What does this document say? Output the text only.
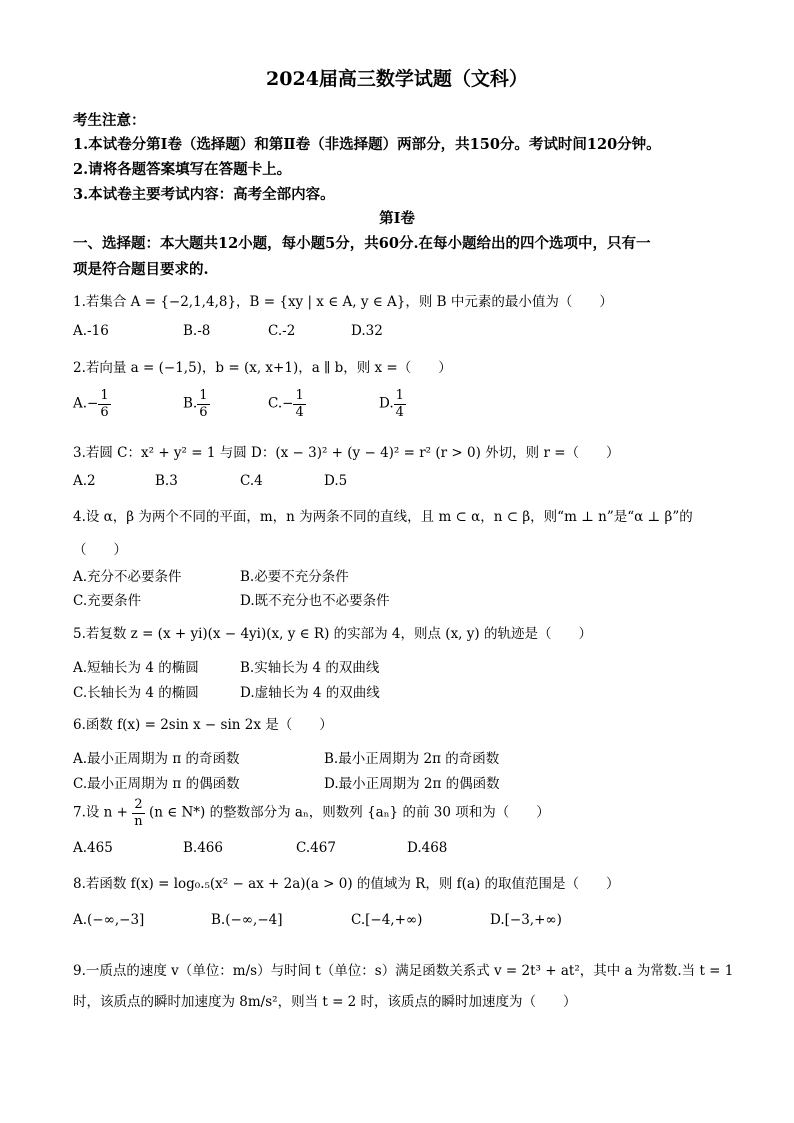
2024届高三数学试题（文科）
考生注意：
1.本试卷分第Ⅰ卷（选择题）和第Ⅱ卷（非选择题）两部分，共150分。考试时间120分钟。
2.请将各题答案填写在答题卡上。
3.本试卷主要考试内容：高考全部内容。
第Ⅰ卷
一、选择题：本大题共12小题，每小题5分，共60分.在每小题给出的四个选项中，只有一
项是符合题目要求的.
1.若集合 A = {−2,1,4,8}，B = {xy | x ∈ A, y ∈ A}，则 B 中元素的最小值为（　　）
A.-16	B.-8	C.-2	D.32
2.若向量 a = (−1,5)，b = (x, x+1)，a ∥ b，则 x =（　　）
$A.- \frac{1}{6}$	B. $\frac{1}{6}$	$C.- \frac{1}{4}$	D. $\frac{1}{4}$
3.若圆 C：x² + y² = 1 与圆 D：(x − 3)² + (y − 4)² = r² (r > 0) 外切，则 r =（　　）
A.2	B.3	C.4	D.5
4.设 α，β 为两个不同的平面，m，n 为两条不同的直线，且 m ⊂ α，n ⊂ β，则“m ⊥ n”是“α ⊥ β”的
（　　）
A.充分不必要条件	B.必要不充分条件
C.充要条件	D.既不充分也不必要条件
5.若复数 z = (x + yi)(x − 4yi)(x, y ∈ R) 的实部为 4，则点 (x, y) 的轨迹是（　　）
A.短轴长为 4 的椭圆	B.实轴长为 4 的双曲线
C.长轴长为 4 的椭圆	D.虚轴长为 4 的双曲线
6.函数 f(x) = 2sin x − sin 2x 是（　　）
A.最小正周期为 π 的奇函数	B.最小正周期为 2π 的奇函数
C.最小正周期为 π 的偶函数	D.最小正周期为 2π 的偶函数
7.设 $n + \frac{2}{n} (n$ ∈ N*) 的整数部分为 aₙ，则数列 {aₙ} 的前 30 项和为（　　）
A.465	B.466	C.467	D.468
8.若函数 f(x) = log₀.₅(x² − ax + 2a)(a > 0) 的值域为 R，则 f(a) 的取值范围是（　　）
A.(−∞,−3]	B.(−∞,−4]	C.[−4,+∞)	D.[−3,+∞)
9.一质点的速度 v（单位：m/s）与时间 t（单位：s）满足函数关系式 v = 2t³ + at²，其中 a 为常数.当 t = 1
时，该质点的瞬时加速度为 8m/s²，则当 t = 2 时，该质点的瞬时加速度为（　　）
